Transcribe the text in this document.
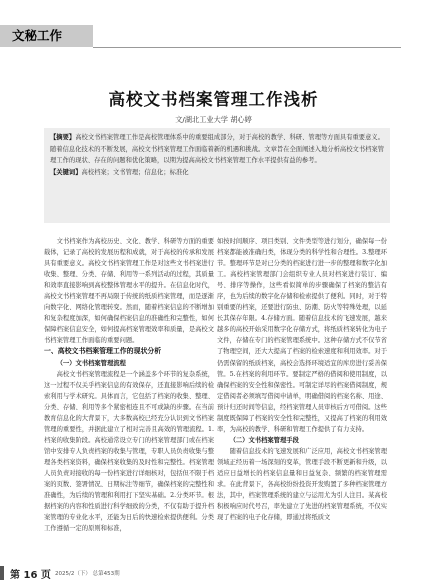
文秘工作
高校文书档案管理工作浅析
文/湖北工业大学 胡心婷
【摘要】高校文书档案管理工作是高校管理体系中的重要组成部分，对于高校的教学、科研、管理等方面具有重要意义。随着信息化技术的不断发展，高校文书档案管理工作面临着新的机遇和挑战。文章旨在全面阐述入地分析高校文书档案管理工作的现状、存在的问题和优化策略，以期为提高高校文书档案管理工作水平提供有益的参考。
【关键词】高校档案；文书管理；信息化；标准化

文书档案作为高校历史、文化、教学、科研等方面的重要载体，记录了高校的发展历程和成就，对于高校的传承和发展具有重要意义。高校文书档案管理工作是对这些文书档案进行收集、整理、分类、存储、利用等一系列活动的过程，其质量和效率直接影响到高校整体管理水平的提升。在信息化时代，高校文书档案管理不再局限于传统的纸质档案管理，而是逐渐向数字化、网络化管理转变。然而，随着档案信息的不断增加和复杂程度加深，如何确保档案信息的准确性和完整性，如何保障档案信息安全，如何提高档案管理效率和质量，是高校文书档案管理工作面临的重要问题。

一、高校文书档案管理工作的现状分析

（一）文书档案管理流程

高校文书档案管理流程是一个涵盖多个环节的复杂系统，这一过程不仅关乎档案信息的有效保存，还直接影响后续的检索利用与学术研究。具体而言，它包括了档案的收集、整理、分类、存储、利用等多个紧密相连且不可或缺的步骤。在当前教育信息化的大背景下，大多数高校已经充分认识到文书档案管理的重要性，并据此建立了相对完善且高效的管理流程。1.档案的收集阶段。高校通常设立专门的档案管理部门或在档案馆中安排专人负责档案的收集与管理，专职人员负责收集与整理各类档案资料，确保档案收集的及时性和完整性。档案管理人员负责对接收的每一份档案进行详细核对，包括但不限于档案的页数、签署情况、日期标注等细节，确保档案的完整性和准确性，为后续的管理和利用打下坚实基础。2.分类环节。根据档案的内容和性质进行科学细致的分类，不仅有助于提升档案管理的专业化水平，还能为日后的快速检索提供便利。分类工作遵循一定的原则和标准，

如按时间顺序、项目类别、文件类型等进行划分，确保每一份档案都能被准确归类，体现分类的科学性和合理性。3.整理环节。整理环节是对已分类的档案进行进一步的整理和数字化加工。高校档案管理部门会组织专业人员对档案进行装订、编号、排序等操作，这些看似简单的步骤确保了档案的整洁有序，也为后续的数字化存储和检索提供了便利。同时，对于特别重要的档案，还要进行防虫、防潮、防火等特殊处理，以延长其保存年限。4.存储方面。随着信息技术的飞速发展，越来越多的高校开始采用数字化存储方式，将纸质档案转化为电子文件，存储在专门的档案管理系统中。这种存储方式不仅节省了物理空间，还大大提高了档案的检索速度和利用效率。对于仍需保留的纸质档案，高校会选择环境适宜的库房进行妥善保管。5.在档案的利用环节。要制定严格的借阅和使用制度，以确保档案的安全性和保密性。可制定详尽的档案借阅制度，规定借阅者必须填写借阅申请单，明确借阅的档案名称、用途、预计归还时间等信息，经档案管理人员审核后方可借阅。这些制度既保障了档案的安全性和完整性，又提高了档案的利用效率，为高校的教学、科研和管理工作提供了有力支持。

（二）文书档案管理手段

随着信息技术的飞速发展和广泛应用，高校文书档案管理领域正经历着一场深刻的变革，管理手段不断更新和升级，以适应日益增长的档案信息量和日益复杂、频繁的档案管理需求。在此背景下，各高校纷纷投资开发购置了多种档案管理方法，其中，档案管理系统的建立与运用尤为引人注目。某高校积极响应时代号召，率先建立了先进的档案管理系统，不仅实现了档案的电子化存储，即通过将纸质文

第 16 页 2025/2（下） 总第453期
